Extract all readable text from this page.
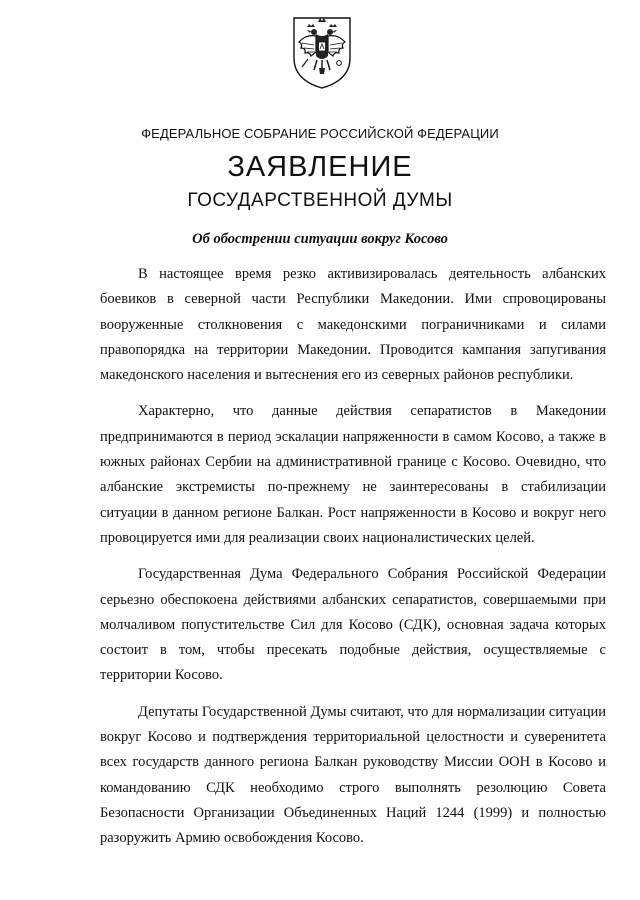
ФЕДЕРАЛЬНОЕ СОБРАНИЕ РОССИЙСКОЙ ФЕДЕРАЦИИ
ЗАЯВЛЕНИЕ
ГОСУДАРСТВЕННОЙ ДУМЫ
Об обострении ситуации вокруг Косово

В настоящее время резко активизировалась деятельность албанских боевиков в северной части Республики Македонии. Ими спровоцированы вооруженные столкновения с македонскими пограничниками и силами правопорядка на территории Македонии. Проводится кампания запугивания македонского населения и вытеснения его из северных районов республики.

Характерно, что данные действия сепаратистов в Македонии предпринимаются в период эскалации напряженности в самом Косово, а также в южных районах Сербии на административной границе с Косово. Очевидно, что албанские экстремисты по-прежнему не заинтересованы в стабилизации ситуации в данном регионе Балкан. Рост напряженности в Косово и вокруг него провоцируется ими для реализации своих националистических целей.

Государственная Дума Федерального Собрания Российской Федерации серьезно обеспокоена действиями албанских сепаратистов, совершаемыми при молчаливом попустительстве Сил для Косово (СДК), основная задача которых состоит в том, чтобы пресекать подобные действия, осуществляемые с территории Косово.

Депутаты Государственной Думы считают, что для нормализации ситуации вокруг Косово и подтверждения территориальной целостности и суверенитета всех государств данного региона Балкан руководству Миссии ООН в Косово и командованию СДК необходимо строго выполнять резолюцию Совета Безопасности Организации Объединенных Наций 1244 (1999) и полностью разоружить Армию освобождения Косово.
